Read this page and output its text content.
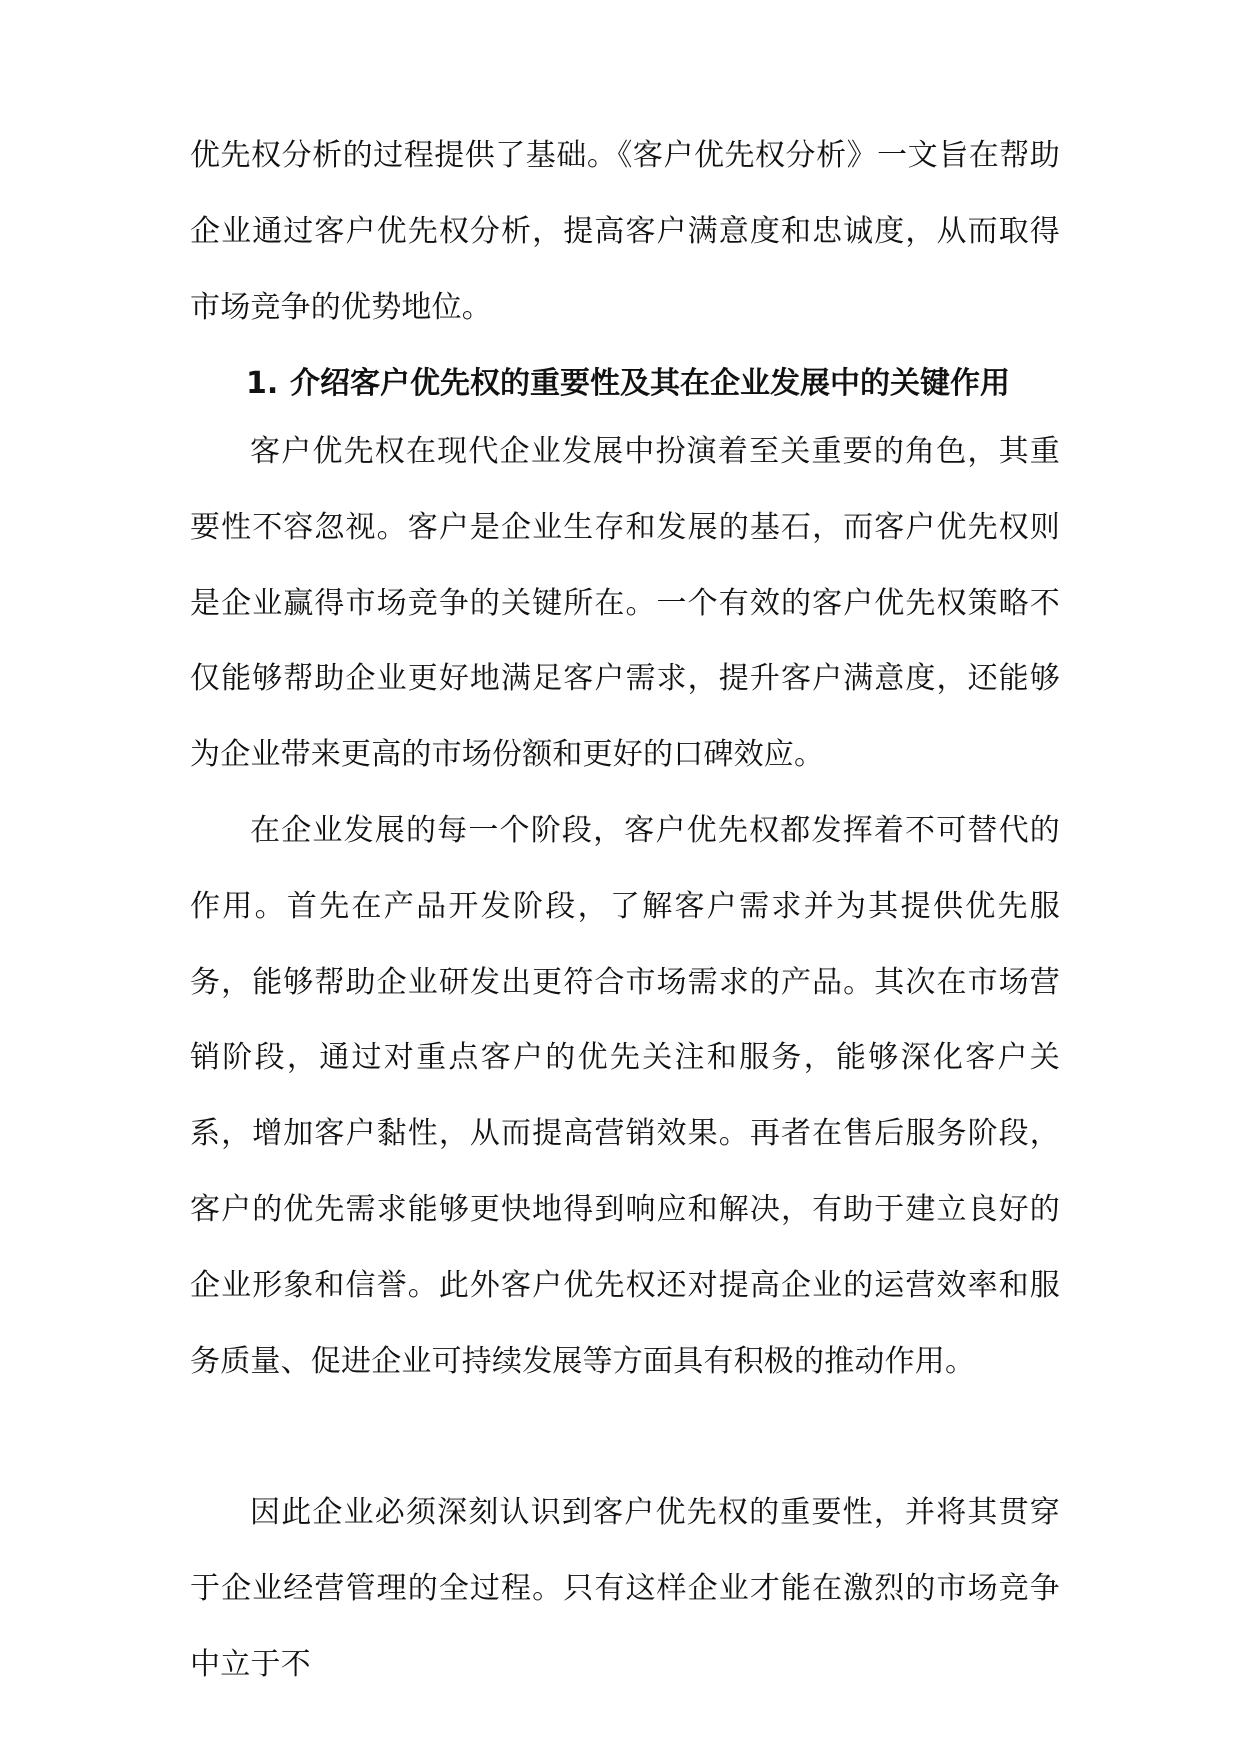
优先权分析的过程提供了基础。《客户优先权分析》一文旨在帮助企业通过客户优先权分析，提高客户满意度和忠诚度，从而取得市场竞争的优势地位。

1. 介绍客户优先权的重要性及其在企业发展中的关键作用

客户优先权在现代企业发展中扮演着至关重要的角色，其重要性不容忽视。客户是企业生存和发展的基石，而客户优先权则是企业赢得市场竞争的关键所在。一个有效的客户优先权策略不仅能够帮助企业更好地满足客户需求，提升客户满意度，还能够为企业带来更高的市场份额和更好的口碑效应。

在企业发展的每一个阶段，客户优先权都发挥着不可替代的作用。首先在产品开发阶段，了解客户需求并为其提供优先服务，能够帮助企业研发出更符合市场需求的产品。其次在市场营销阶段，通过对重点客户的优先关注和服务，能够深化客户关系，增加客户黏性，从而提高营销效果。再者在售后服务阶段，客户的优先需求能够更快地得到响应和解决，有助于建立良好的企业形象和信誉。此外客户优先权还对提高企业的运营效率和服务质量、促进企业可持续发展等方面具有积极的推动作用。

因此企业必须深刻认识到客户优先权的重要性，并将其贯穿于企业经营管理的全过程。只有这样企业才能在激烈的市场竞争中立于不
